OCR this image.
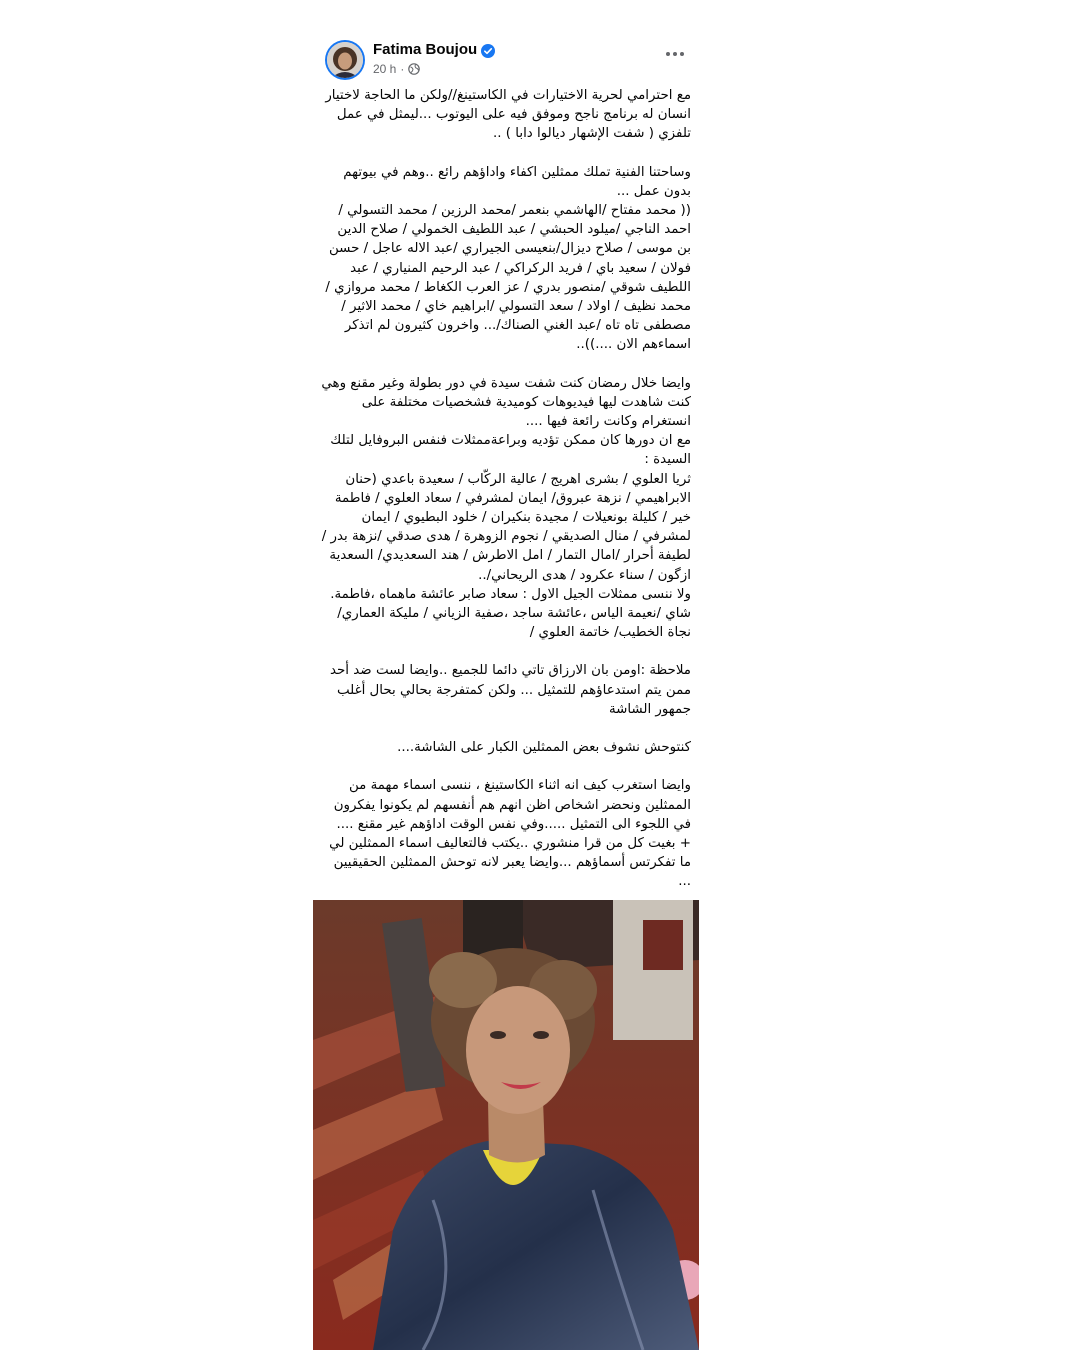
Fatima Boujou
20 h ·

مع احترامي لحرية الاختيارات في الكاستينغ//ولكن ما الحاجة لاختيار انسان له برنامج ناجح وموفق فيه على اليوتوب ...ليمثل في عمل تلفزي ( شفت الإشهار ديالوا دابا ) ..

وساحتنا الفنية تملك ممثلين اكفاء واداؤهم رائع ..وهم في بيوتهم بدون عمل ...
(( محمد مفتاح /الهاشمي بنعمر /محمد الرزين / محمد التسولي / احمد الناجي /ميلود الحبشي / عبد اللطيف الخمولي / صلاح الدين بن موسى / صلاح ديزال/بنعيسى الجيراري /عبد الاله عاجل / حسن فولان / سعيد باي / فريد الركراكي / عبد الرحيم المنياري / عبد اللطيف شوقي /منصور بدري / عز العرب الكغاط / محمد مروازي /محمد نظيف / اولاد / سعد التسولي /ابراهيم خاي / محمد الاثير /مصطفى تاه تاه /عبد الغني الصناك/... واخرون كثيرون لم اتذكر اسماءهم الان ....))..

وايضا خلال رمضان كنت شفت سيدة في دور بطولة وغير مقنع وهي كنت شاهدت ليها فيديوهات كوميدية فشخصيات مختلفة على انستغرام وكانت رائعة فيها ....
مع ان دورها كان ممكن تؤديه وبراعةممثلات فنفس البروفايل لتلك السيدة :
ثريا العلوي / بشرى اهريج / عالية الركّاب / سعيدة باعدي (حنان الابراهيمي / نزهة عبروق/ ايمان لمشرفي / سعاد العلوي / فاطمة خير / كليلة بونعيلات / مجيدة بنكيران / خلود البطيوي / ايمان لمشرفي / منال الصديقي / نجوم الزوهرة / هدى صدقي /نزهة بدر / لطيفة أحرار /امال التمار / امل الاطرش / هند السعديدي/ السعدية ازگون / سناء عكرود / هدى الريحاني/..
ولا ننسى ممثلات الجيل الاول : سعاد صابر عائشة ماهماه ،فاطمة. شاي /نعيمة الياس ،عائشة ساجد ،صفية الزياني / مليكة العماري/ نجاة الخطيب/ خاتمة العلوي /

ملاحظة :اومن بان الارزاق تاتي دائما للجميع ..وايضا لست ضد أحد ممن يتم استدعاؤهم للتمثيل ... ولكن كمتفرجة بحالي بحال أغلب جمهور الشاشة

كنتوحش نشوف بعض الممثلين الكبار على الشاشة....

وايضا استغرب كيف انه اثناء الكاستينغ ، ننسى اسماء مهمة من الممثلين ونحضر اشخاص اظن انهم هم أنفسهم لم يكونوا يفكرون في اللجوء الى التمثيل .....وفي نفس الوقت اداؤهم غير مقنع ....
+ بغيت كل من قرا منشوري ..يكتب فالتعاليف اسماء الممثلين لي ما تفكرتس أسماؤهم ...وايضا يعبر لانه توحش الممثلين الحقيقيين ...
